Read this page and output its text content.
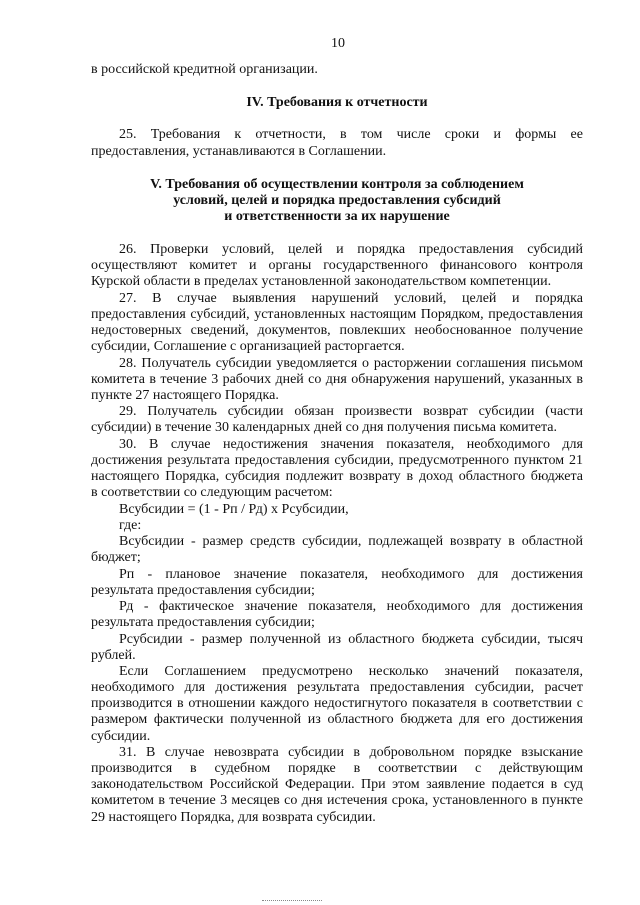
10
в российской кредитной организации.
IV. Требования к отчетности
25. Требования к отчетности, в том числе сроки и формы ее
предоставления, устанавливаются в Соглашении.
V. Требования об осуществлении контроля за соблюдением
условий, целей и порядка предоставления субсидий
и ответственности за их нарушение
26. Проверки условий, целей и порядка предоставления субсидий
осуществляют комитет и органы государственного финансового контроля
Курской области в пределах установленной законодательством компетенции.
27. В случае выявления нарушений условий, целей и порядка
предоставления субсидий, установленных настоящим Порядком, предоставления
недостоверных сведений, документов, повлекших необоснованное получение
субсидии, Соглашение с организацией расторгается.
28. Получатель субсидии уведомляется о расторжении соглашения письмом
комитета в течение 3 рабочих дней со дня обнаружения нарушений, указанных в
пункте 27 настоящего Порядка.
29. Получатель субсидии обязан произвести возврат субсидии (части
субсидии) в течение 30 календарных дней со дня получения письма комитета.
30. В случае недостижения значения показателя, необходимого для
достижения результата предоставления субсидии, предусмотренного пунктом 21
настоящего Порядка, субсидия подлежит возврату в доход областного бюджета
в соответствии со следующим расчетом:
Всубсидии = (1 - Рп / Рд) x Рсубсидии,
где:
Всубсидии - размер средств субсидии, подлежащей возврату в областной
бюджет;
Рп - плановое значение показателя, необходимого для достижения
результата предоставления субсидии;
Рд - фактическое значение показателя, необходимого для достижения
результата предоставления субсидии;
Рсубсидии - размер полученной из областного бюджета субсидии, тысяч
рублей.
Если Соглашением предусмотрено несколько значений показателя,
необходимого для достижения результата предоставления субсидии, расчет
производится в отношении каждого недостигнутого показателя в соответствии с
размером фактически полученной из областного бюджета для его достижения
субсидии.
31. В случае невозврата субсидии в добровольном порядке взыскание
производится в судебном порядке в соответствии с действующим
законодательством Российской Федерации. При этом заявление подается в суд
комитетом в течение 3 месяцев со дня истечения срока, установленного в пункте
29 настоящего Порядка, для возврата субсидии.
